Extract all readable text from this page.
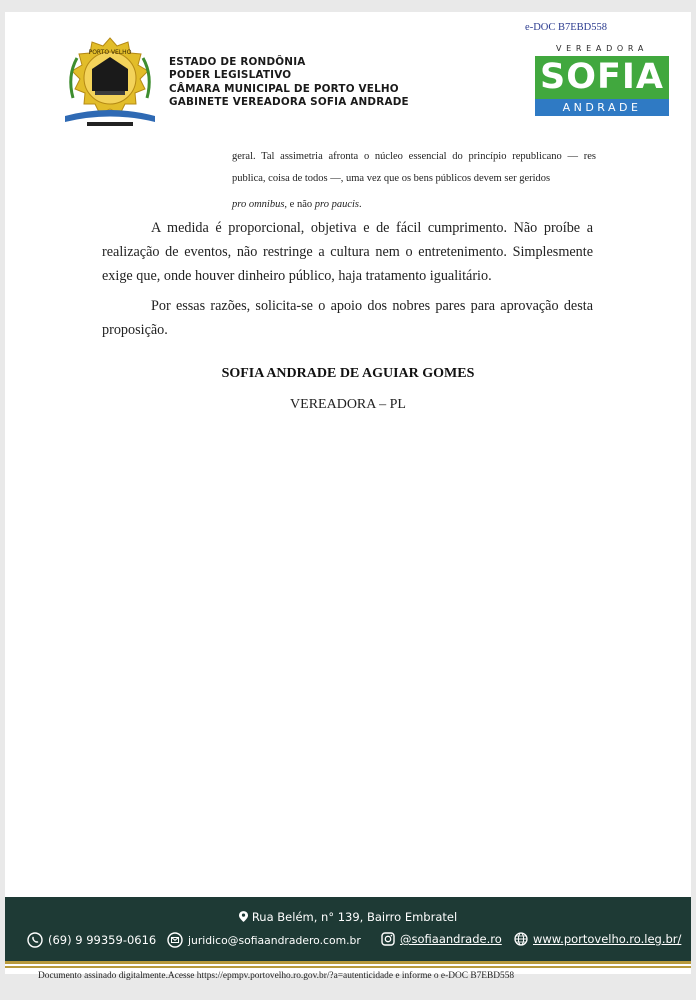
e-DOC B7EBD558
PORTO VELHO
ESTADO DE RONDÔNIA
PODER LEGISLATIVO
CÂMARA MUNICIPAL DE PORTO VELHO
GABINETE VEREADORA SOFIA ANDRADE
VEREADORA
SOFIA
ANDRADE

geral. Tal assimetria afronta o núcleo essencial do princípio republicano — res publica, coisa de todos —, uma vez que os bens públicos devem ser geridos

pro omnibus, e não pro paucis.

A medida é proporcional, objetiva e de fácil cumprimento. Não proíbe a realização de eventos, não restringe a cultura nem o entretenimento. Simplesmente exige que, onde houver dinheiro público, haja tratamento igualitário.

Por essas razões, solicita-se o apoio dos nobres pares para aprovação desta proposição.

SOFIA ANDRADE DE AGUIAR GOMES
VEREADORA – PL
Rua Belém, n° 139, Bairro Embratel
(69) 9 99359-0616	juridico@sofiaandradero.com.br	@sofiaandrade.ro	www.portovelho.ro.leg.br/
Documento assinado digitalmente.Acesse https://epmpv.portovelho.ro.gov.br/?a=autenticidade e informe o e-DOC B7EBD558
